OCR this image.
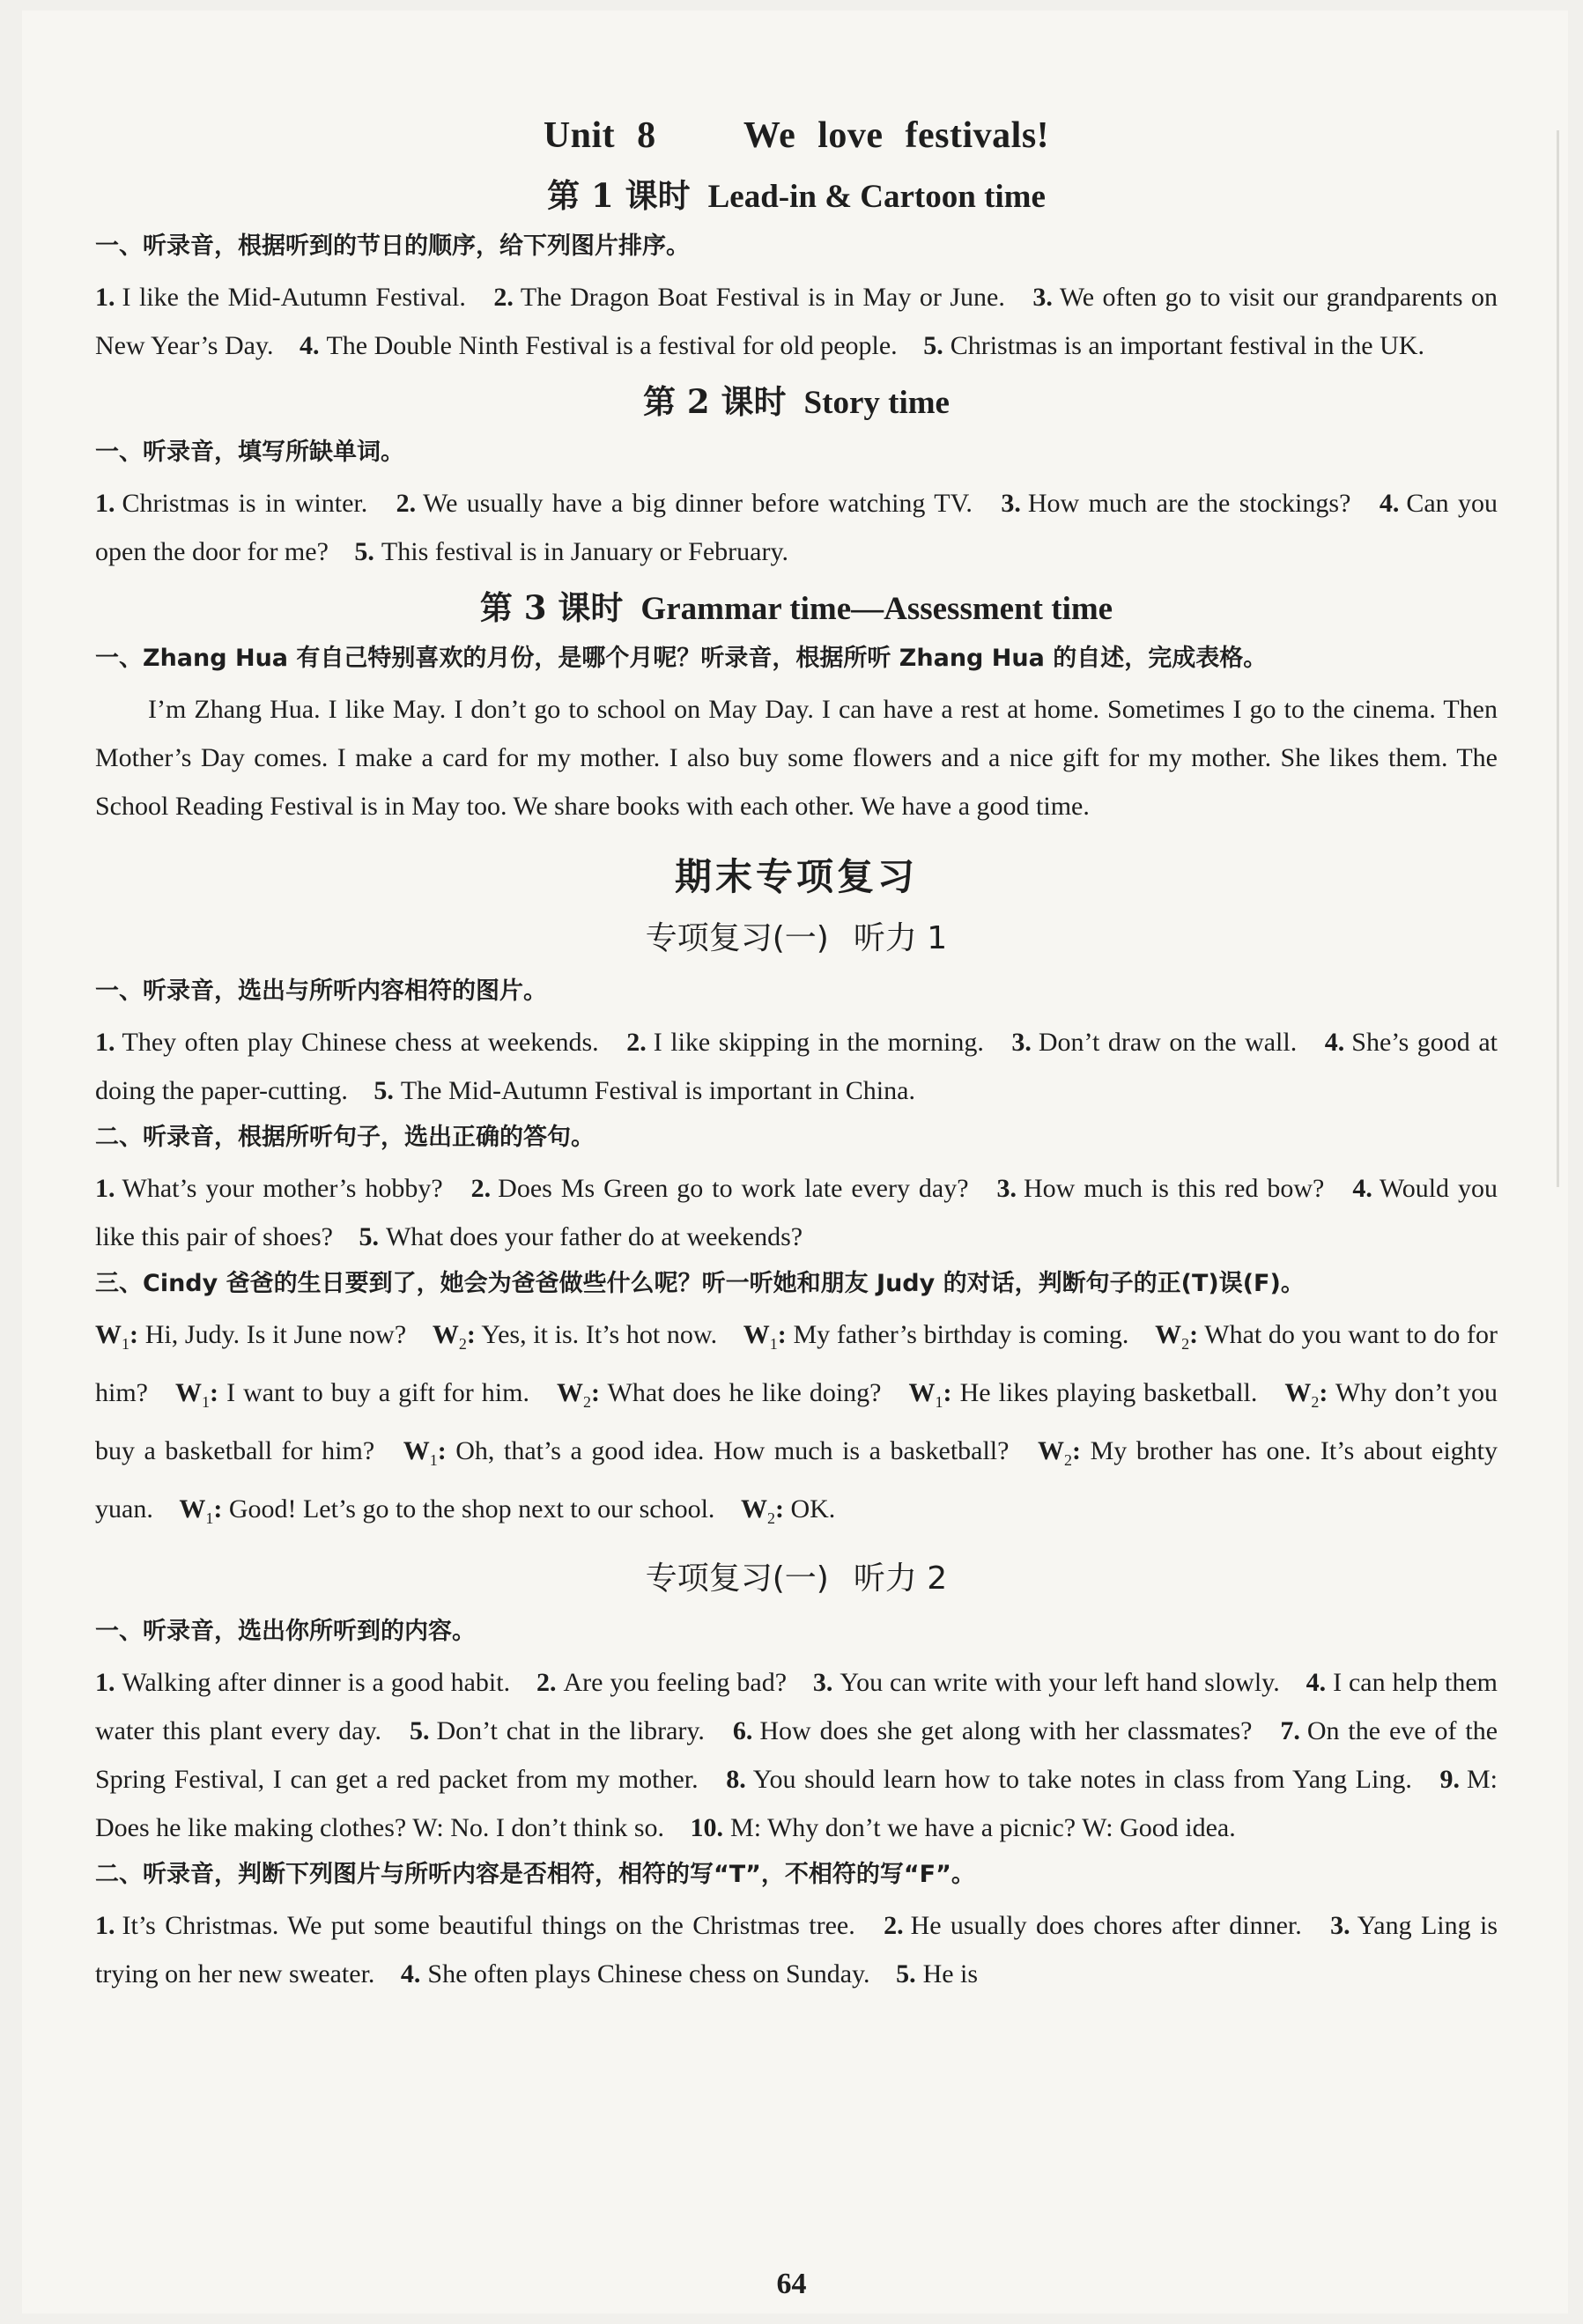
Unit 8    We love festivals!
第 1 课时 Lead-in & Cartoon time
一、听录音，根据听到的节日的顺序，给下列图片排序。
1. I like the Mid-Autumn Festival. 2. The Dragon Boat Festival is in May or June. 3. We often go to visit our grandparents on New Year’s Day. 4. The Double Ninth Festival is a festival for old people. 5. Christmas is an important festival in the UK.
第 2 课时 Story time
一、听录音，填写所缺单词。
1. Christmas is in winter. 2. We usually have a big dinner before watching TV. 3. How much are the stockings? 4. Can you open the door for me? 5. This festival is in January or February.
第 3 课时 Grammar time—Assessment time
一、Zhang Hua 有自己特别喜欢的月份，是哪个月呢？听录音，根据所听 Zhang Hua 的自述，完成表格。
I’m Zhang Hua. I like May. I don’t go to school on May Day. I can have a rest at home. Sometimes I go to the cinema. Then Mother’s Day comes. I make a card for my mother. I also buy some flowers and a nice gift for my mother. She likes them. The School Reading Festival is in May too. We share books with each other. We have a good time.
期末专项复习
专项复习(一) 听力 1
一、听录音，选出与所听内容相符的图片。
1. They often play Chinese chess at weekends. 2. I like skipping in the morning. 3. Don’t draw on the wall. 4. She’s good at doing the paper-cutting. 5. The Mid-Autumn Festival is important in China.
二、听录音，根据所听句子，选出正确的答句。
1. What’s your mother’s hobby? 2. Does Ms Green go to work late every day? 3. How much is this red bow? 4. Would you like this pair of shoes? 5. What does your father do at weekends?
三、Cindy 爸爸的生日要到了，她会为爸爸做些什么呢？听一听她和朋友 Judy 的对话，判断句子的正(T)误(F)。
$W_1$: Hi, Judy. Is it June now? $W_2$: Yes, it is. It’s hot now. $W_1$: My father’s birthday is coming. $W_2$: What do you want to do for him? $W_1$: I want to buy a gift for him. $W_2$: What does he like doing? $W_1$: He likes playing basketball. $W_2$: Why don’t you buy a basketball for him? $W_1$: Oh, that’s a good idea. How much is a basketball? $W_2$: My brother has one. It’s about eighty yuan. $W_1$: Good! Let’s go to the shop next to our school. $W_2$: OK.
专项复习(一) 听力 2
一、听录音，选出你所听到的内容。
1. Walking after dinner is a good habit. 2. Are you feeling bad? 3. You can write with your left hand slowly. 4. I can help them water this plant every day. 5. Don’t chat in the library. 6. How does she get along with her classmates? 7. On the eve of the Spring Festival, I can get a red packet from my mother. 8. You should learn how to take notes in class from Yang Ling. 9. M: Does he like making clothes? W: No. I don’t think so. 10. M: Why don’t we have a picnic? W: Good idea.
二、听录音，判断下列图片与所听内容是否相符，相符的写“T”，不相符的写“F”。
1. It’s Christmas. We put some beautiful things on the Christmas tree. 2. He usually does chores after dinner. 3. Yang Ling is trying on her new sweater. 4. She often plays Chinese chess on Sunday. 5. He is
64
